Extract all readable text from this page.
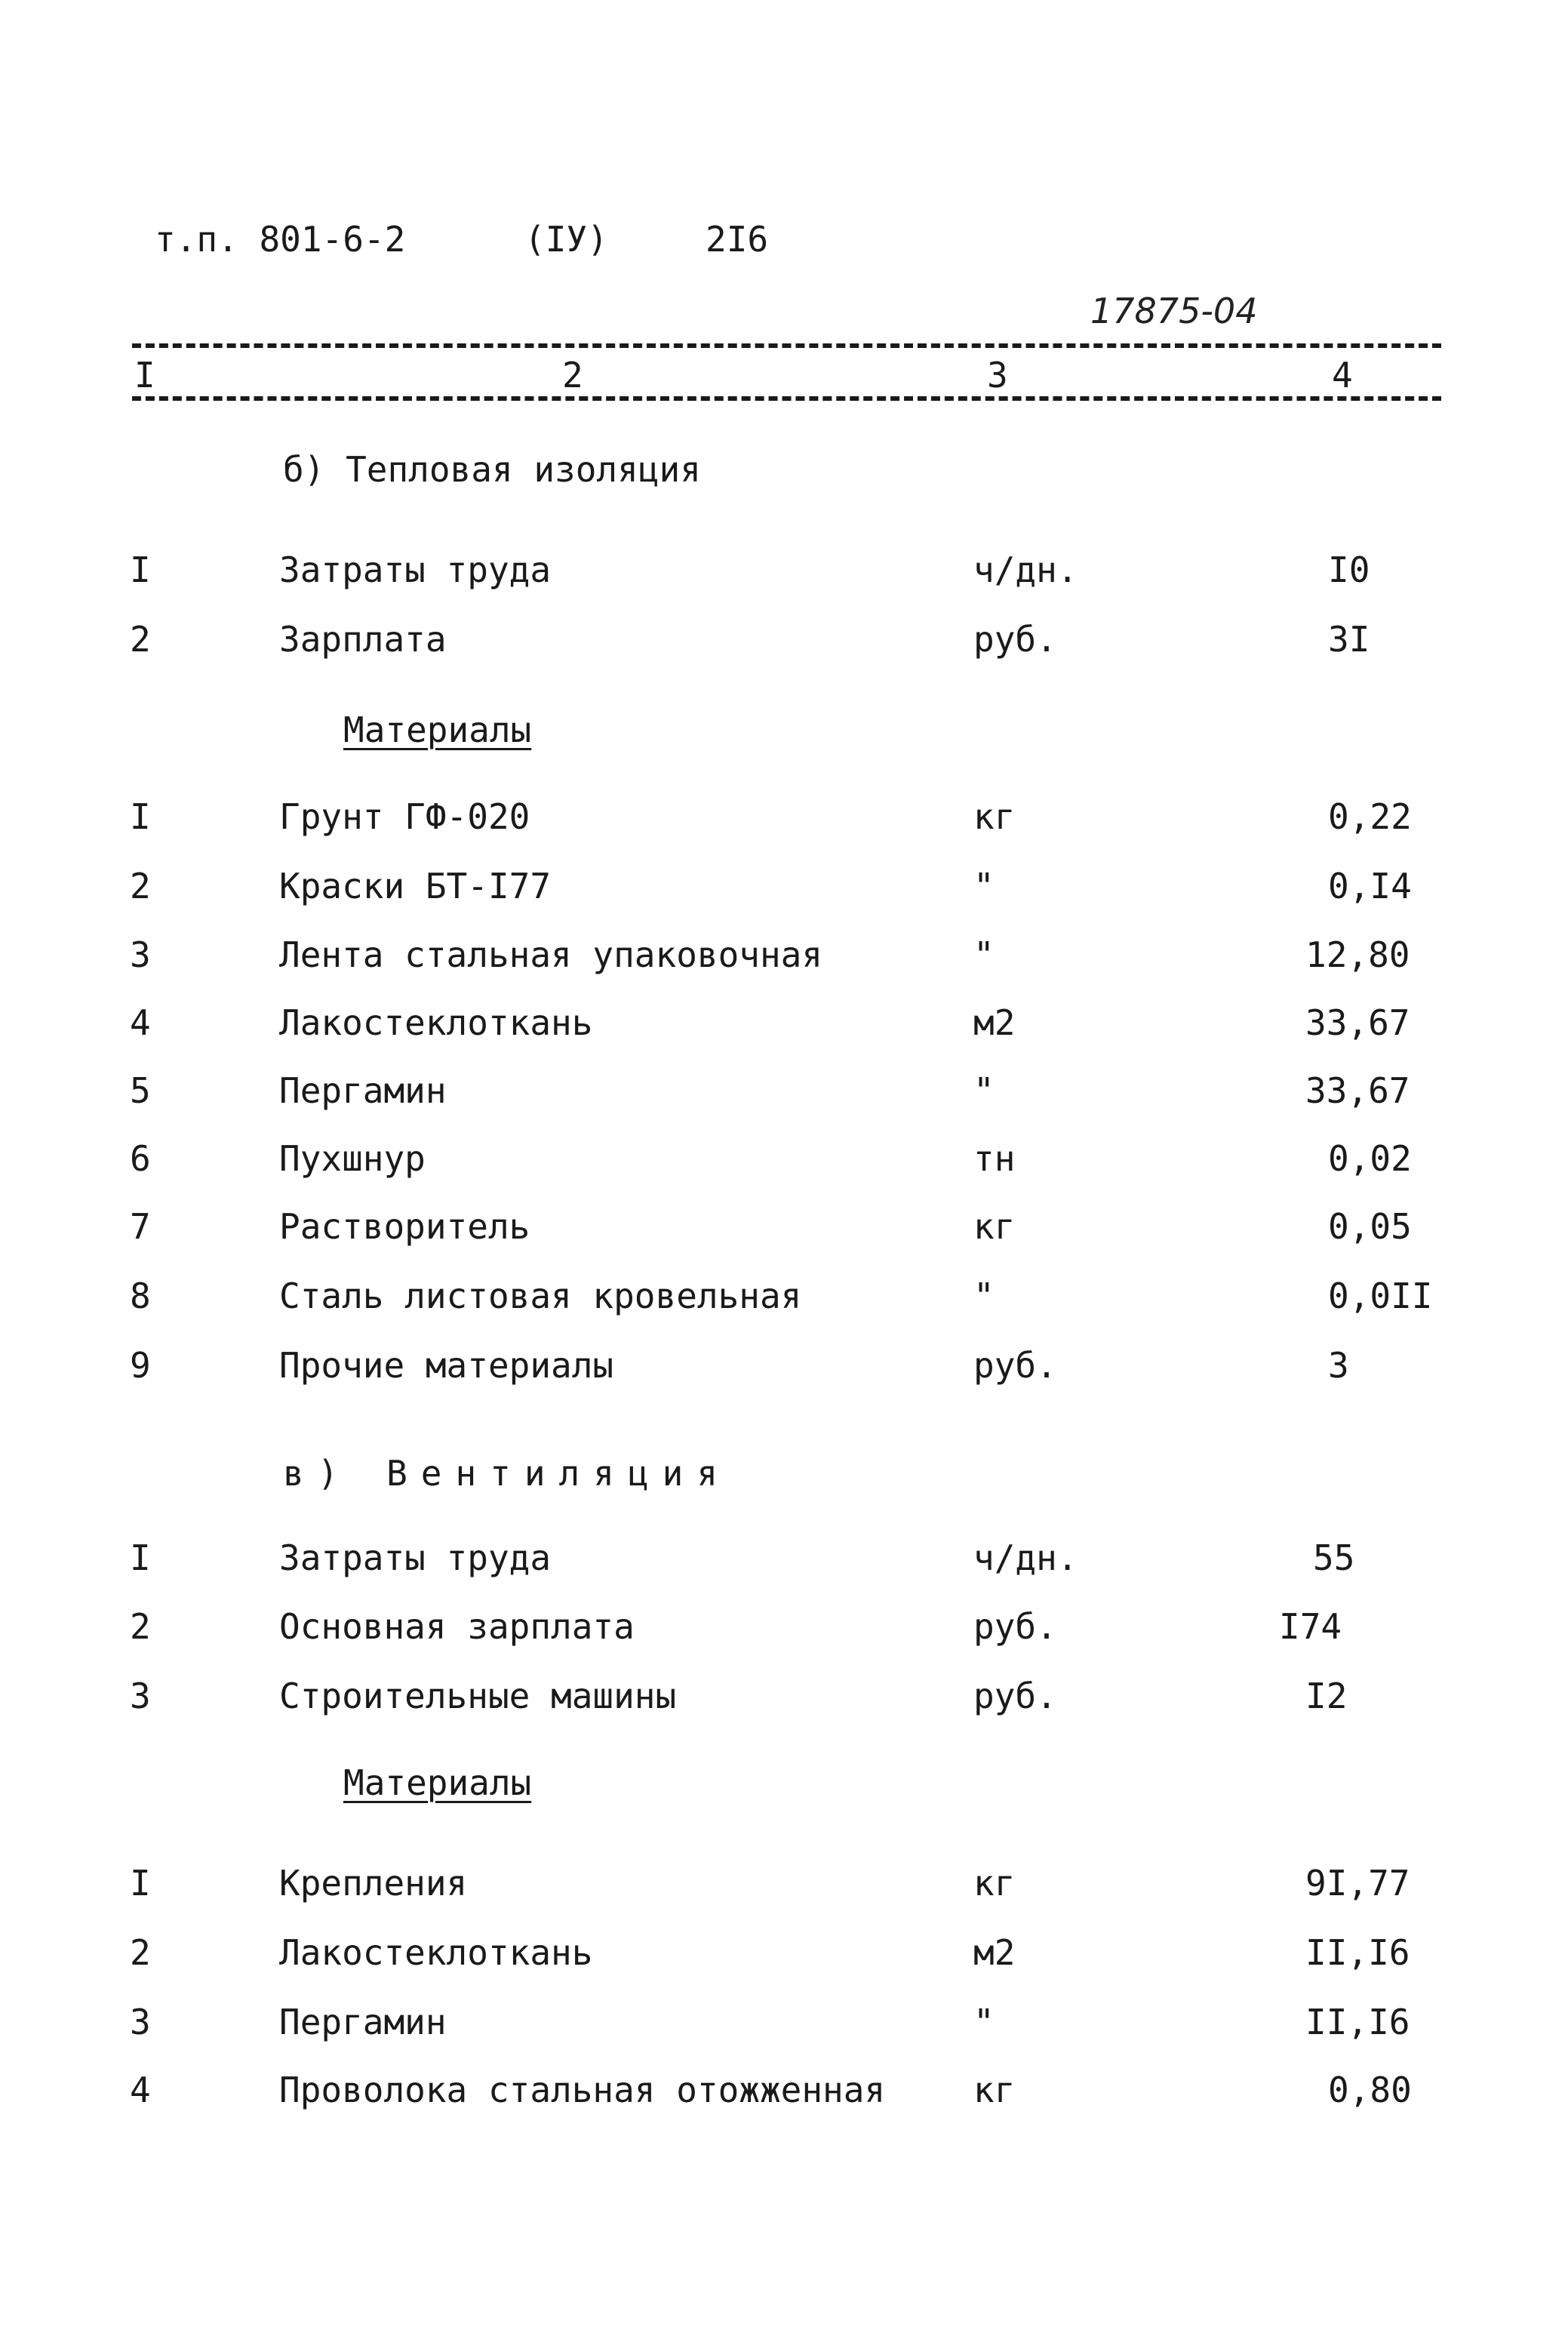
т.п. 801-6-2	(IУ)	2I6
17875-04
I	2	3	4
б) Тепловая изоляция
I	Затраты труда	ч/дн.	I0
2	Зарплата	руб.	3I
Материалы
I	Грунт ГФ-020	кг	0,22
2	Краски БТ-I77	"	0,I4
3	Лента стальная упаковочная	"	12,80
4	Лакостеклоткань	м2	33,67
5	Пергамин	"	33,67
6	Пухшнур	тн	0,02
7	Растворитель	кг	0,05
8	Сталь листовая кровельная	"	0,0II
9	Прочие материалы	руб.	3
в) Вентиляция
I	Затраты труда	ч/дн.	55
2	Основная зарплата	руб.	I74
3	Строительные машины	руб.	I2
Материалы
I	Крепления	кг	9I,77
2	Лакостеклоткань	м2	II,I6
3	Пергамин	"	II,I6
4	Проволока стальная отожженная	кг	0,80
